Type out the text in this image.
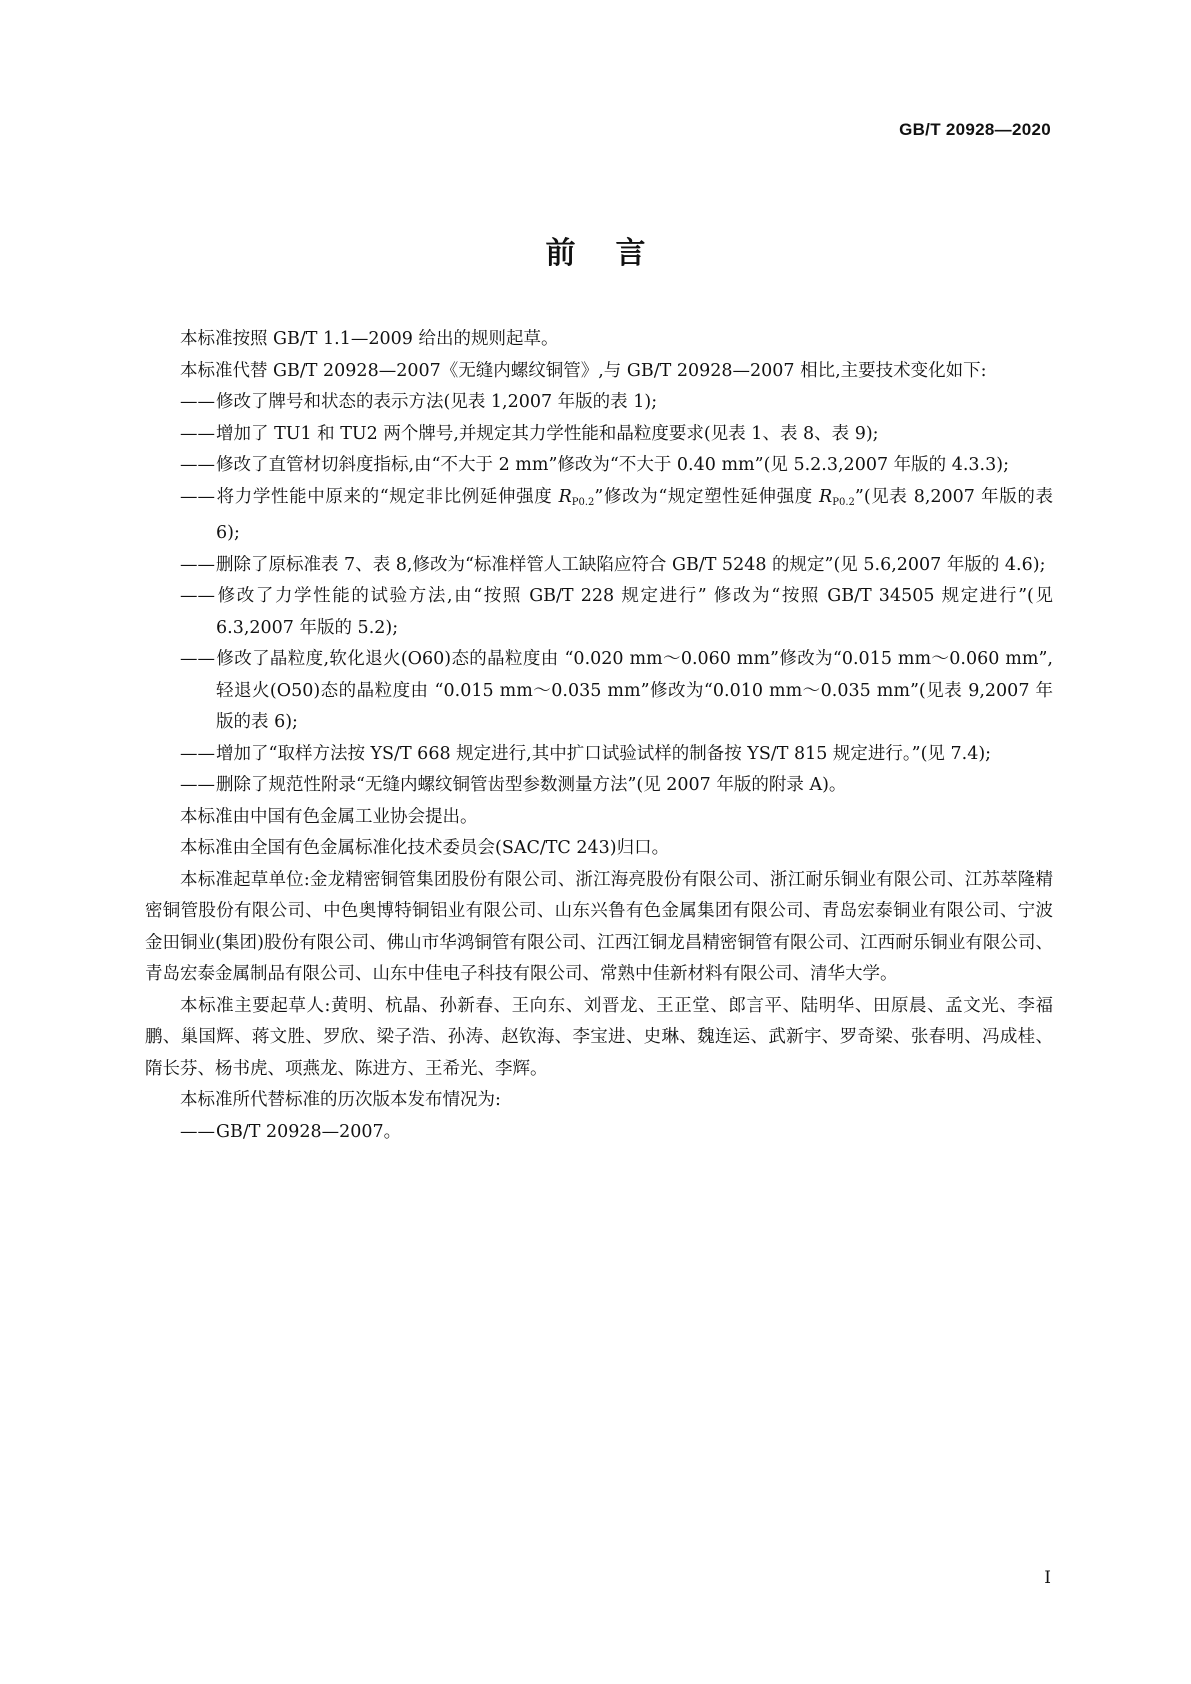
GB/T 20928—2020
前言

本标准按照 GB/T 1.1—2009 给出的规则起草。

本标准代替 GB/T 20928—2007《无缝内螺纹铜管》,与 GB/T 20928—2007 相比,主要技术变化如下:

——修改了牌号和状态的表示方法(见表 1,2007 年版的表 1);

——增加了 TU1 和 TU2 两个牌号,并规定其力学性能和晶粒度要求(见表 1、表 8、表 9);

——修改了直管材切斜度指标,由“不大于 2 mm”修改为“不大于 0.40 mm”(见 5.2.3,2007 年版的 4.3.3);

——将力学性能中原来的“规定非比例延伸强度 $R_{P0.2}$”修改为“规定塑性延伸强度 $R_{P0.2}$”(见表 8,2007 年版的表 6);

——删除了原标准表 7、表 8,修改为“标准样管人工缺陷应符合 GB/T 5248 的规定”(见 5.6,2007 年版的 4.6);

——修改了力学性能的试验方法,由“按照 GB/T 228 规定进行” 修改为“按照 GB/T 34505 规定进行”(见 6.3,2007 年版的 5.2);

——修改了晶粒度,软化退火(O60)态的晶粒度由 “0.020 mm～0.060 mm”修改为“0.015 mm～0.060 mm”,轻退火(O50)态的晶粒度由 “0.015 mm～0.035 mm”修改为“0.010 mm～0.035 mm”(见表 9,2007 年版的表 6);

——增加了“取样方法按 YS/T 668 规定进行,其中扩口试验试样的制备按 YS/T 815 规定进行。”(见 7.4);

——删除了规范性附录“无缝内螺纹铜管齿型参数测量方法”(见 2007 年版的附录 A)。

本标准由中国有色金属工业协会提出。

本标准由全国有色金属标准化技术委员会(SAC/TC 243)归口。

本标准起草单位:金龙精密铜管集团股份有限公司、浙江海亮股份有限公司、浙江耐乐铜业有限公司、江苏萃隆精密铜管股份有限公司、中色奥博特铜铝业有限公司、山东兴鲁有色金属集团有限公司、青岛宏泰铜业有限公司、宁波金田铜业(集团)股份有限公司、佛山市华鸿铜管有限公司、江西江铜龙昌精密铜管有限公司、江西耐乐铜业有限公司、青岛宏泰金属制品有限公司、山东中佳电子科技有限公司、常熟中佳新材料有限公司、清华大学。

本标准主要起草人:黄明、杭晶、孙新春、王向东、刘晋龙、王正堂、郎言平、陆明华、田原晨、孟文光、李福鹏、巢国辉、蒋文胜、罗欣、梁子浩、孙涛、赵钦海、李宝进、史琳、魏连运、武新宇、罗奇梁、张春明、冯成桂、隋长芬、杨书虎、项燕龙、陈进方、王希光、李辉。

本标准所代替标准的历次版本发布情况为:

——GB/T 20928—2007。

I
